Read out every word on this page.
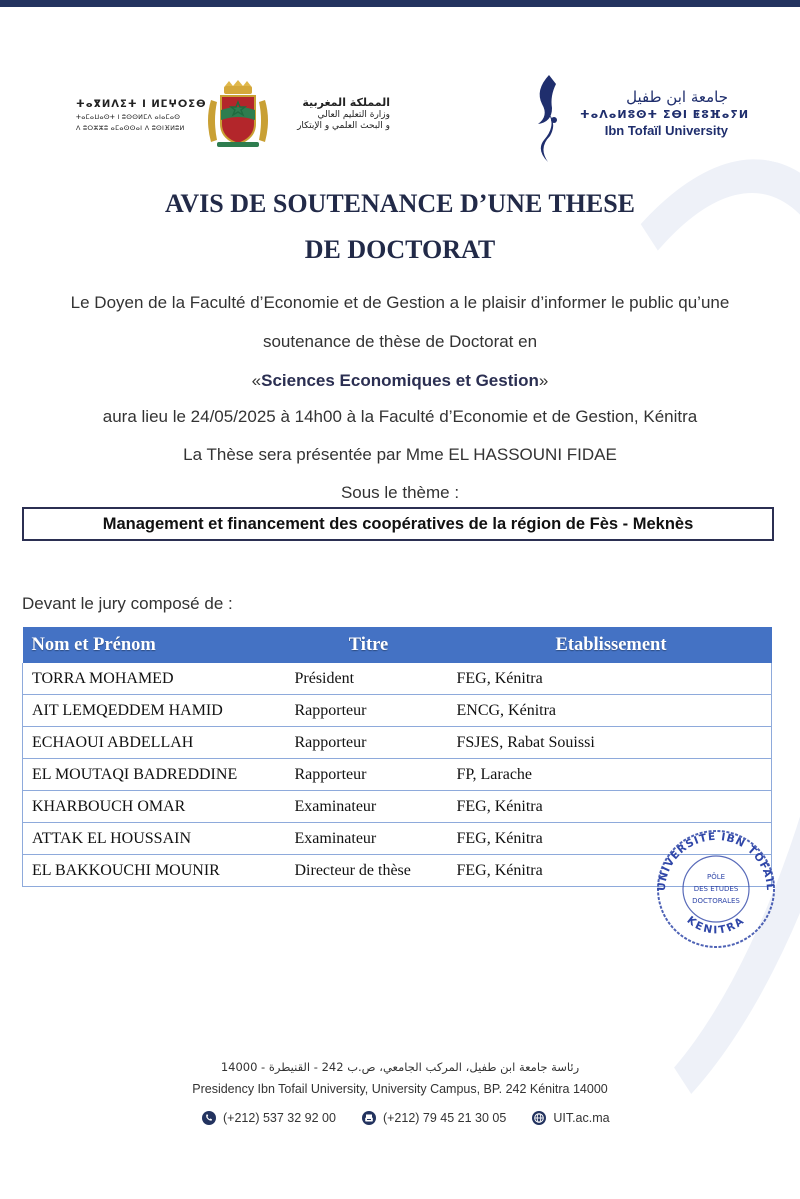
ⵜⴰⴳⵍⴷⵉⵜ ⵏ ⵍⵎⵖⵔⵉⴱ
ⵜⴰⵎⴰⵡⴰⵙⵜ ⵏ ⵓⵙⵙⵍⵎⴷ ⴰⵏⴰⵎⴰⵙ
ⴷ ⵓⵔⵣⵣⵓ ⴰⵎⴰⵙⵙⴰⵏ ⴷ ⵓⵙⵏⴼⵍⵓⵍ
المملكة المغربية
وزارة التعليم العالي
و البحث العلمي و الإبتكار
جامعة ابن طفيل
ⵜⴰⴷⴰⵍⵓⵙⵜ ⵉⴱⵏ ⵟⵓⴼⴰⵢⵍ
Ibn Tofaïl University
AVIS DE SOUTENANCE D’UNE THESE
DE DOCTORAT
Le Doyen de la Faculté d’Economie et de Gestion a le plaisir d’informer le public qu’une
soutenance de thèse de Doctorat en
«Sciences Economiques et Gestion»
aura lieu le 24/05/2025 à 14h00 à la Faculté d’Economie et de Gestion, Kénitra
La Thèse sera présentée par Mme EL HASSOUNI FIDAE
Sous le thème :
Management et financement des coopératives de la région de Fès - Meknès
Devant le jury composé de :
Nom et Prénom	Titre	Etablissement
TORRA MOHAMED	Président	FEG, Kénitra
AIT LEMQEDDEM HAMID	Rapporteur	ENCG, Kénitra
ECHAOUI ABDELLAH	Rapporteur	FSJES, Rabat Souissi
EL MOUTAQI BADREDDINE	Rapporteur	FP, Larache
KHARBOUCH OMAR	Examinateur	FEG, Kénitra
ATTAK EL HOUSSAIN	Examinateur	FEG, Kénitra
EL BAKKOUCHI MOUNIR	Directeur de thèse	FEG, Kénitra
UNIVERSITE IBN TOFAIL
KENITRA
PÔLE
DES ETUDES
DOCTORALES
رئاسة جامعة ابن طفيل، المركب الجامعي، ص.ب 242 - القنيطرة - 14000
Presidency Ibn Tofail University, University Campus, BP. 242 Kénitra 14000
(+212) 537 32 92 00	(+212) 79 45 21 30 05	UIT.ac.ma
